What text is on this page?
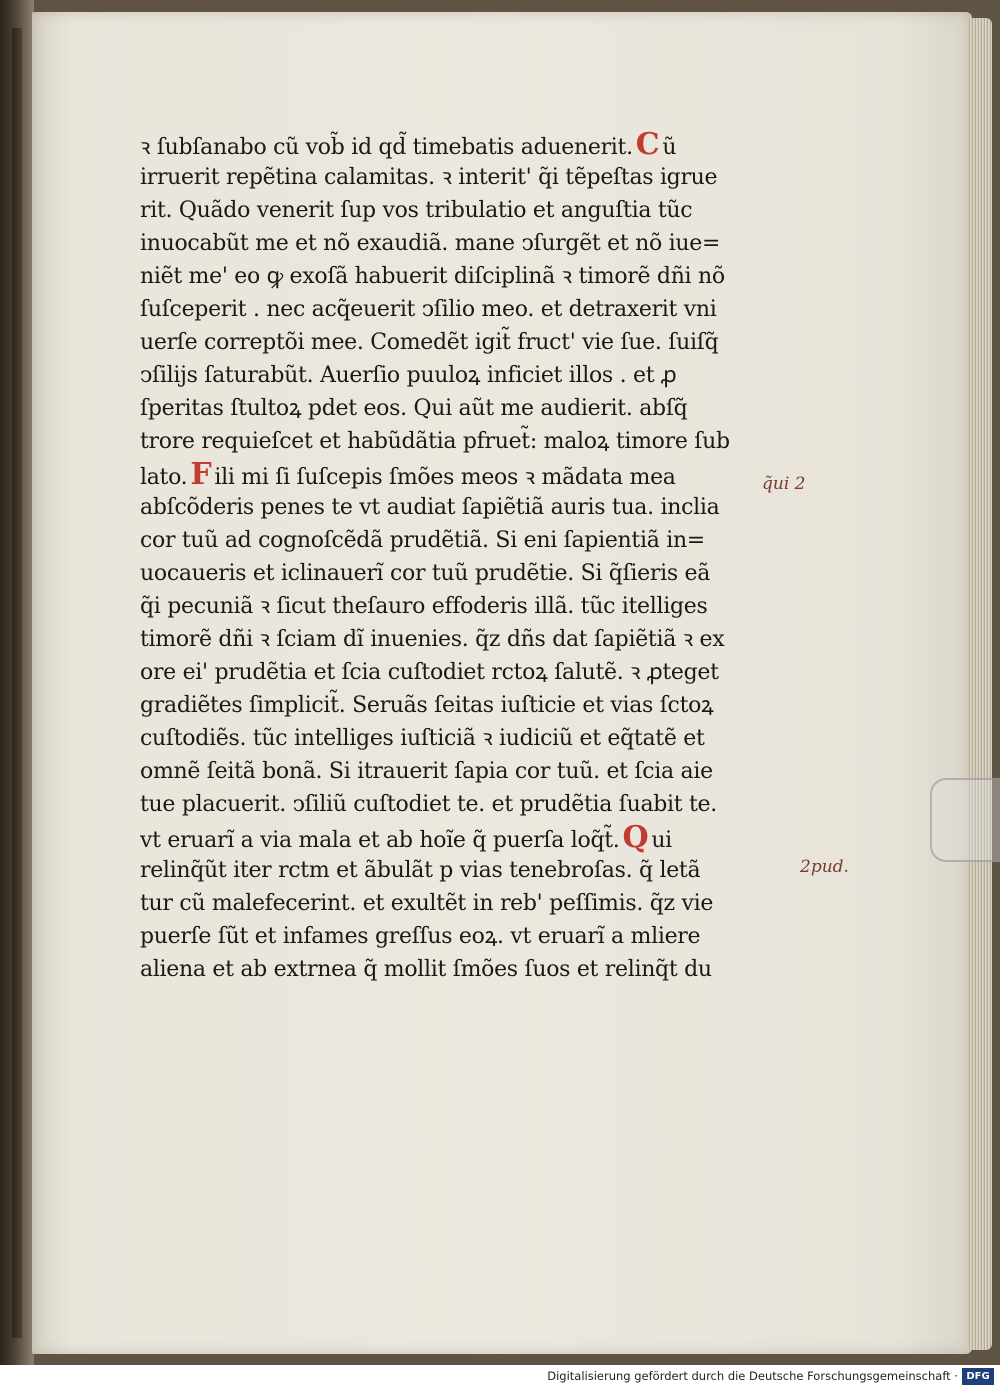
ꝛ ſubſanabo cũ vob̃ id qd̃ timebatis aduenerit. C ũ
irruerit repẽtina calamitas. ꝛ interit' q̃i tẽpeſtas igrue
rit. Quãdo venerit ſup vos tribulatio et anguſtia tũc
inuocabũt me et nõ exaudiã. mane ↄſurgẽt et nõ iue=
niẽt me' eo ꝙ exoſã habuerit diſciplinã ꝛ timorẽ dñi nõ
ſuſceperit . nec acq̃euerit ↄſilio meo. et detraxerit vni
uerſe correptõi mee. Comedẽt igit̃ fruct' vie ſue. ſuiſq̃
ↄſilijs ſaturabũt. Auerſio puuloꝝ inficiet illos . et ꝓ
ſperitas ſtultoꝝ pdet eos. Qui aũt me audierit. abſq̃
trore requieſcet et habũdãtia pfruet̃: maloꝝ timore ſub
lato. F ili mi ſi ſuſcepis ſmões meos ꝛ mãdata mea
abſcõderis penes te vt audiat ſapiẽtiã auris tua. inclia
cor tuũ ad cognoſcẽdã prudẽtiã. Si eni ſapientiã in=
uocaueris et iclinauerĩ cor tuũ prudẽtie. Si q̃ſieris eã
q̃i pecuniã ꝛ ſicut theſauro effoderis illã. tũc itelliges
timorẽ dñi ꝛ ſciam dĩ inuenies. q̃z dñs dat ſapiẽtiã ꝛ ex
ore ei' prudẽtia et ſcia cuſtodiet rctoꝝ ſalutẽ. ꝛ ꝓteget
gradiẽtes ſimplicit̃. Seruãs ſeitas iuſticie et vias ſctoꝝ
cuſtodiẽs. tũc intelliges iuſticiã ꝛ iudiciũ et eq̃tatẽ et
omnẽ ſeitã bonã. Si itrauerit ſapia cor tuũ. et ſcia aie
tue placuerit. ↄſiliũ cuſtodiet te. et prudẽtia ſuabit te.
vt eruarĩ a via mala et ab hoĩe q̃ puerſa loq̃t̃. Q ui
relinq̃ũt iter rctm et ãbulãt p vias tenebroſas. q̃ letã
tur cũ malefecerint. et exultẽt in reb' peſſimis. q̃z vie
puerſe ſũt et infames greſſus eoꝝ. vt eruarĩ a mliere
aliena et ab extrnea q̃ mollit ſmões ſuos et relinq̃t du
q̃ui 2
2pud.
Digitalisierung gefördert durch die Deutsche Forschungsgemeinschaft · DFG
